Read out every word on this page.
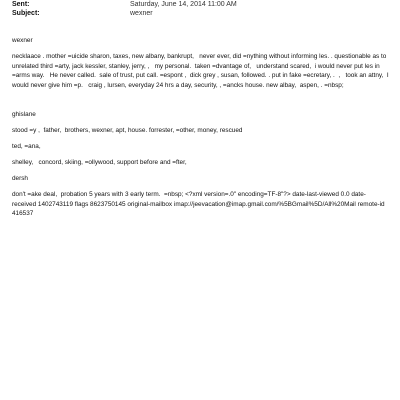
Sent:	Saturday, June 14, 2014 11:00 AM
Subject:	wexner

wexner

necklaace . mother =uicide sharon, taxes, new albany, bankrupt,   never ever, did =nything without informing les. . questionable as to unrelated third =arty, jack kessler, stanley, jerry, ,   my personal.  taken =dvantage of,   understand scared,  i would never put les in =arms way.   He never called.  sale of trust, put call. =espont ,  dick grey , susan, followed. . put in fake =ecretary, .  ,   took an attny,  I would never give him =p.   craig , lursen, everyday 24 hrs a day, security, , =ancks house. new albay,  aspen, . =nbsp;

ghislane

stood =y ,  father,  brothers, wexner, apt, house. forrester, =other, money, rescued

ted, =ana,

shelley,   concord, skiing, =ollywood, support before and =fter,

dersh

don't =ake deal,  probation 5 years with 3 early term.  =nbsp; <?xml version=.0" encoding=TF-8"?> date-last-viewed 0.0 date-received 1402743119 flags 8623750145 original-mailbox imap://jeevacation@imap.gmail.com/%5BGmail%5D/All%20Mail remote-id 416537
